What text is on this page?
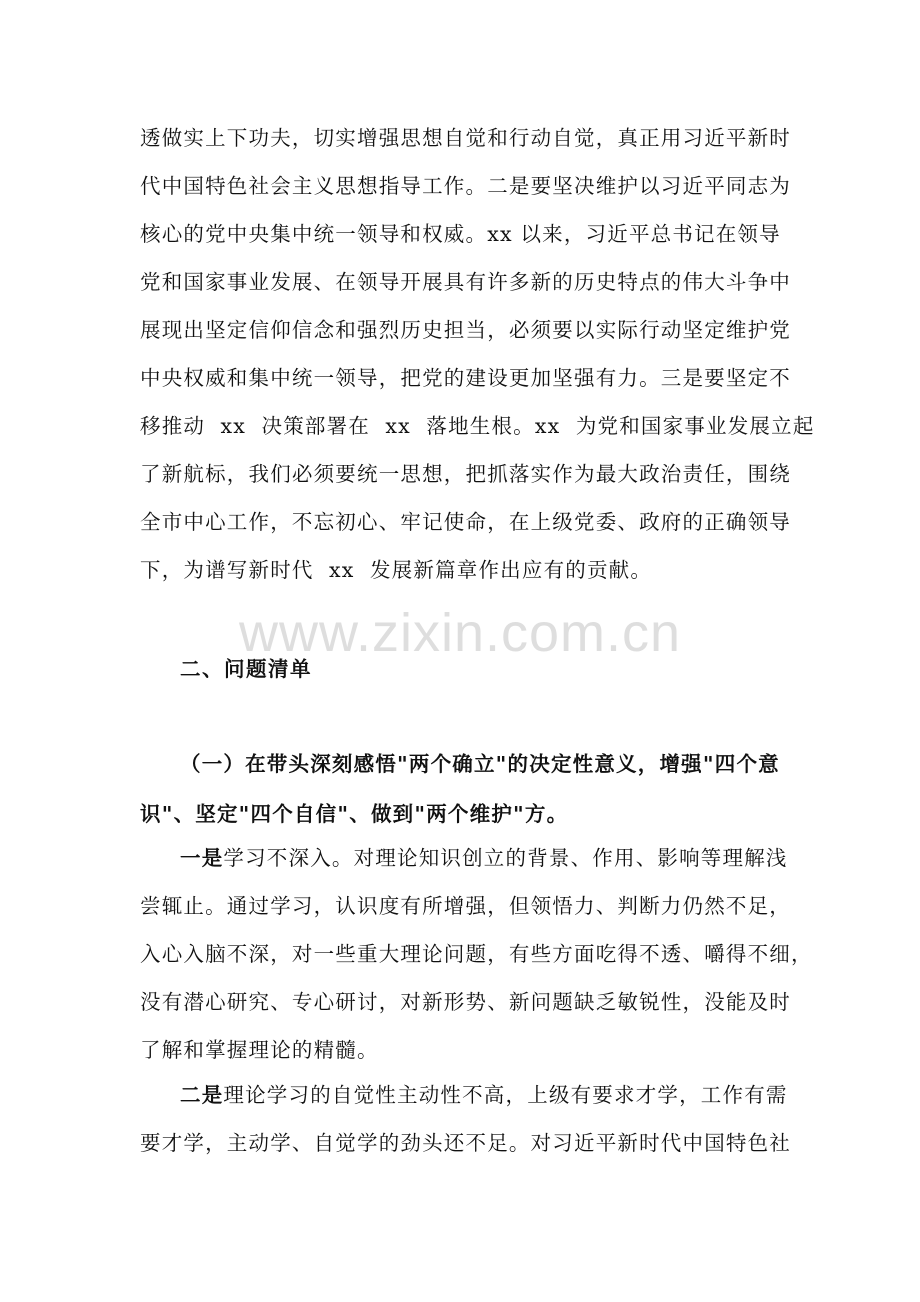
透做实上下功夫，切实增强思想自觉和行动自觉，真正用习近平新时
代中国特色社会主义思想指导工作。二是要坚决维护以习近平同志为
核心的党中央集中统一领导和权威。xx 以来，习近平总书记在领导
党和国家事业发展、在领导开展具有许多新的历史特点的伟大斗争中
展现出坚定信仰信念和强烈历史担当，必须要以实际行动坚定维护党
中央权威和集中统一领导，把党的建设更加坚强有力。三是要坚定不
移推动  xx  决策部署在  xx  落地生根。xx  为党和国家事业发展立起
了新航标，我们必须要统一思想，把抓落实作为最大政治责任，围绕
全市中心工作，不忘初心、牢记使命，在上级党委、政府的正确领导
下，为谱写新时代  xx  发展新篇章作出应有的贡献。
www.zixin.com.cn
二、问题清单
（一）在带头深刻感悟"两个确立"的决定性意义，增强"四个意
识"、坚定"四个自信"、做到"两个维护"方。
一是学习不深入。对理论知识创立的背景、作用、影响等理解浅
尝辄止。通过学习，认识度有所增强，但领悟力、判断力仍然不足，
入心入脑不深，对一些重大理论问题，有些方面吃得不透、嚼得不细，
没有潜心研究、专心研讨，对新形势、新问题缺乏敏锐性，没能及时
了解和掌握理论的精髓。
二是理论学习的自觉性主动性不高，上级有要求才学，工作有需
要才学，主动学、自觉学的劲头还不足。对习近平新时代中国特色社
